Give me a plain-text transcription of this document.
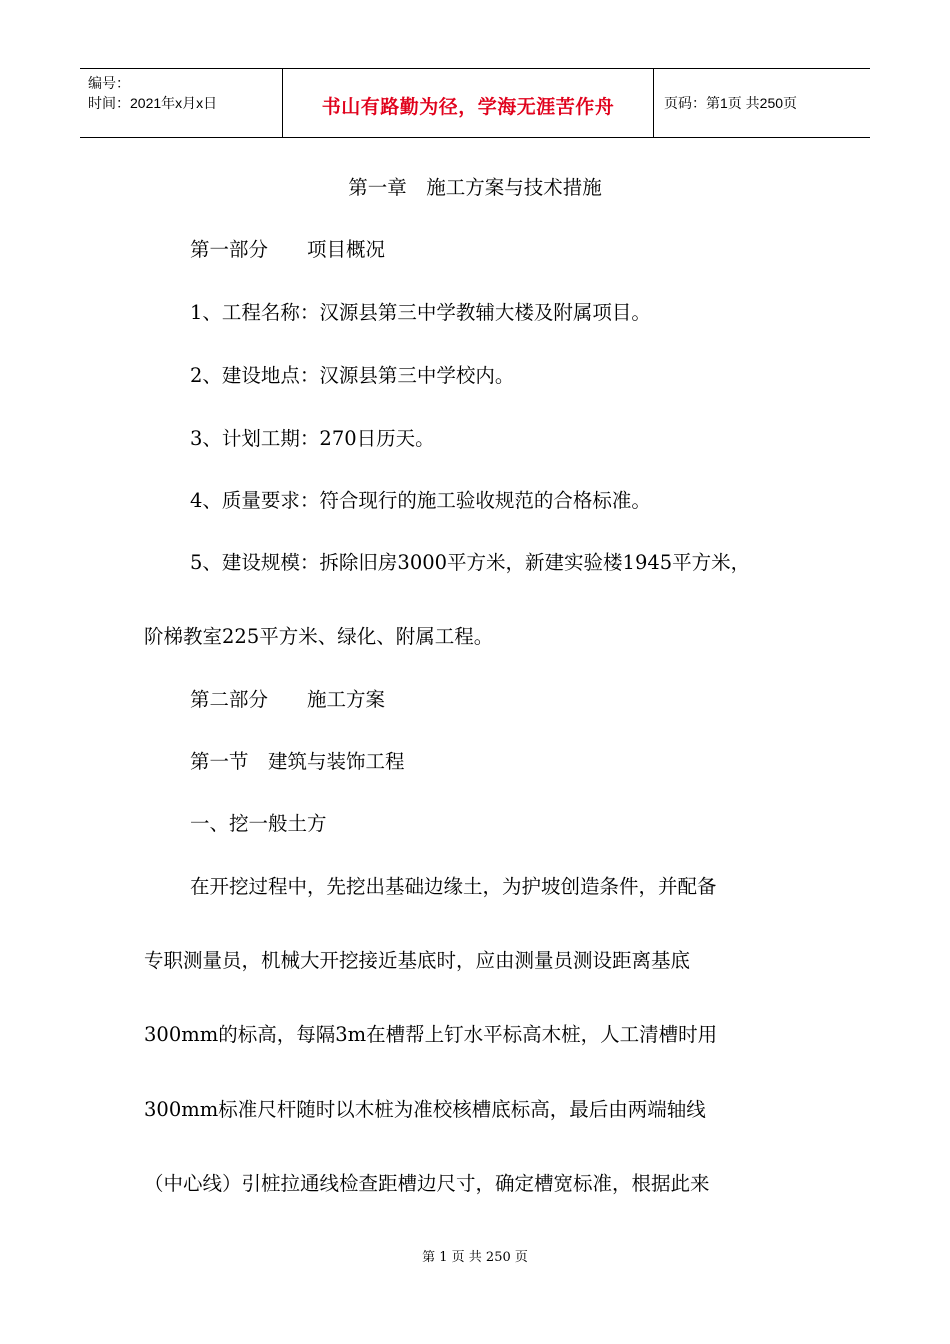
编号：
时间：2021年x月x日	书山有路勤为径，学海无涯苦作舟	页码：第1页 共250页
第一章　施工方案与技术措施
第一部分　　项目概况
1、工程名称：汉源县第三中学教辅大楼及附属项目。
2、建设地点：汉源县第三中学校内。
3、计划工期：270日历天。
4、质量要求：符合现行的施工验收规范的合格标准。
5、建设规模：拆除旧房3000平方米，新建实验楼1945平方米，
阶梯教室225平方米、绿化、附属工程。
第二部分　　施工方案
第一节　建筑与装饰工程
一、挖一般土方
在开挖过程中，先挖出基础边缘土，为护坡创造条件，并配备
专职测量员，机械大开挖接近基底时，应由测量员测设距离基底
300mm的标高，每隔3m在槽帮上钉水平标高木桩，人工清槽时用
300mm标准尺杆随时以木桩为准校核槽底标高，最后由两端轴线
（中心线）引桩拉通线检查距槽边尺寸，确定槽宽标准，根据此来
第 1 页 共 250 页
